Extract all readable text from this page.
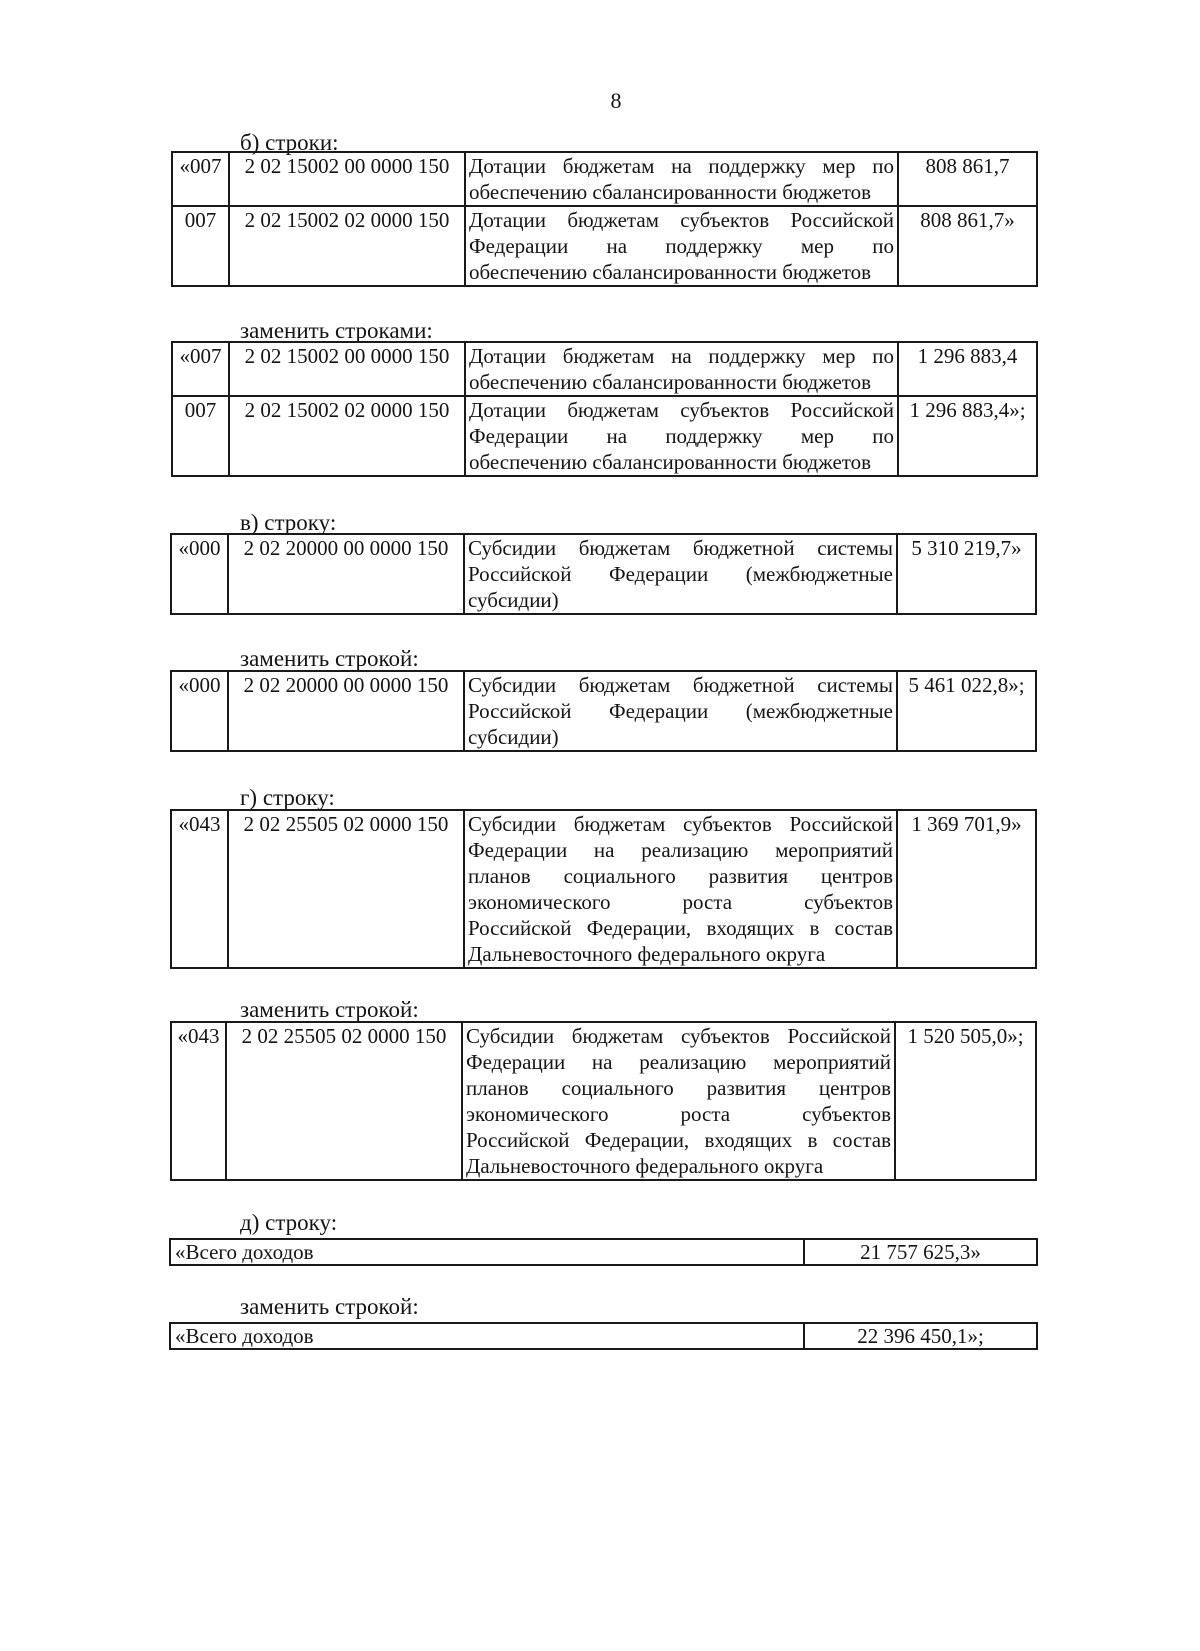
8
б) строки:
«007	2 02 15002 00 0000 150	Дотации бюджетам на поддержку мер по
обеспечению сбалансированности бюджетов	808 861,7
007	2 02 15002 02 0000 150	Дотации бюджетам субъектов Российской
Федерации на поддержку мер по
обеспечению сбалансированности бюджетов	808 861,7»
заменить строками:
«007	2 02 15002 00 0000 150	Дотации бюджетам на поддержку мер по
обеспечению сбалансированности бюджетов	1 296 883,4
007	2 02 15002 02 0000 150	Дотации бюджетам субъектов Российской
Федерации на поддержку мер по
обеспечению сбалансированности бюджетов	1 296 883,4»;
в) строку:
«000	2 02 20000 00 0000 150	Субсидии бюджетам бюджетной системы
Российской Федерации (межбюджетные
субсидии)
	5 310 219,7»
заменить строкой:
«000	2 02 20000 00 0000 150	Субсидии бюджетам бюджетной системы
Российской Федерации (межбюджетные
субсидии)
	5 461 022,8»;
г) строку:
«043	2 02 25505 02 0000 150	Субсидии бюджетам субъектов Российской
Федерации на реализацию мероприятий
планов социального развития центров
экономического роста субъектов
Российской Федерации, входящих в состав
Дальневосточного федерального округа
	1 369 701,9»
заменить строкой:
«043	2 02 25505 02 0000 150	Субсидии бюджетам субъектов Российской
Федерации на реализацию мероприятий
планов социального развития центров
экономического роста субъектов
Российской Федерации, входящих в состав
Дальневосточного федерального округа
	1 520 505,0»;
д) строку:
«Всего доходов	21 757 625,3»
заменить строкой:
«Всего доходов	22 396 450,1»;
